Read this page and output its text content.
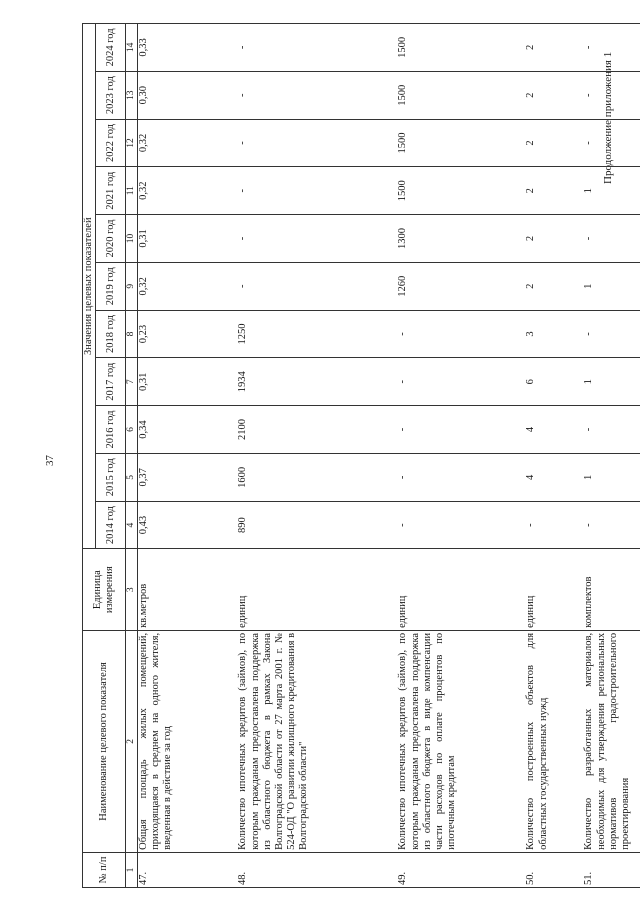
37
Продолжение приложения 1
№ п/п	Наименование целевого показателя	Единица измерения	Значения целевых показателей										
			2014 год	2015 год	2016 год	2017 год	2018 год	2019 год	2020 год	2021 год	2022 год	2023 год	2024 год
1	2	3	4	5	6	7	8	9	10	11	12	13	14
47.	Общая площадь жилых помещений, приходящаяся в среднем на одного жителя, введенная в действие за год	кв.метров	0,43	0,37	0,34	0,31	0,23	0,32	0,31	0,32	0,32	0,30	0,33
48.	Количество ипотечных кредитов (займов), по которым гражданам предоставлена поддержка из областного бюджета в рамках Закона Волгоградской области от 27 марта 2001 г. № 524-ОД "О развитии жилищного кредитования в Волгоградской области"	единиц	890	1600	2100	1934	1250	-	-	-	-	-	-
49.	Количество ипотечных кредитов (займов), по которым гражданам предоставлена поддержка из областного бюджета в виде компенсации части расходов по оплате процентов по ипотечным кредитам	единиц	-	-	-	-	-	1260	1300	1500	1500	1500	1500
50.	Количество построенных объектов для областных государственных нужд	единиц	-	4	4	6	3	2	2	2	2	2	2
51.	Количество разработанных материалов, необходимых для утверждения региональных нормативов градостроительного проектирования	комплектов	-	1	-	1	-	1	-	1	-	-	-
